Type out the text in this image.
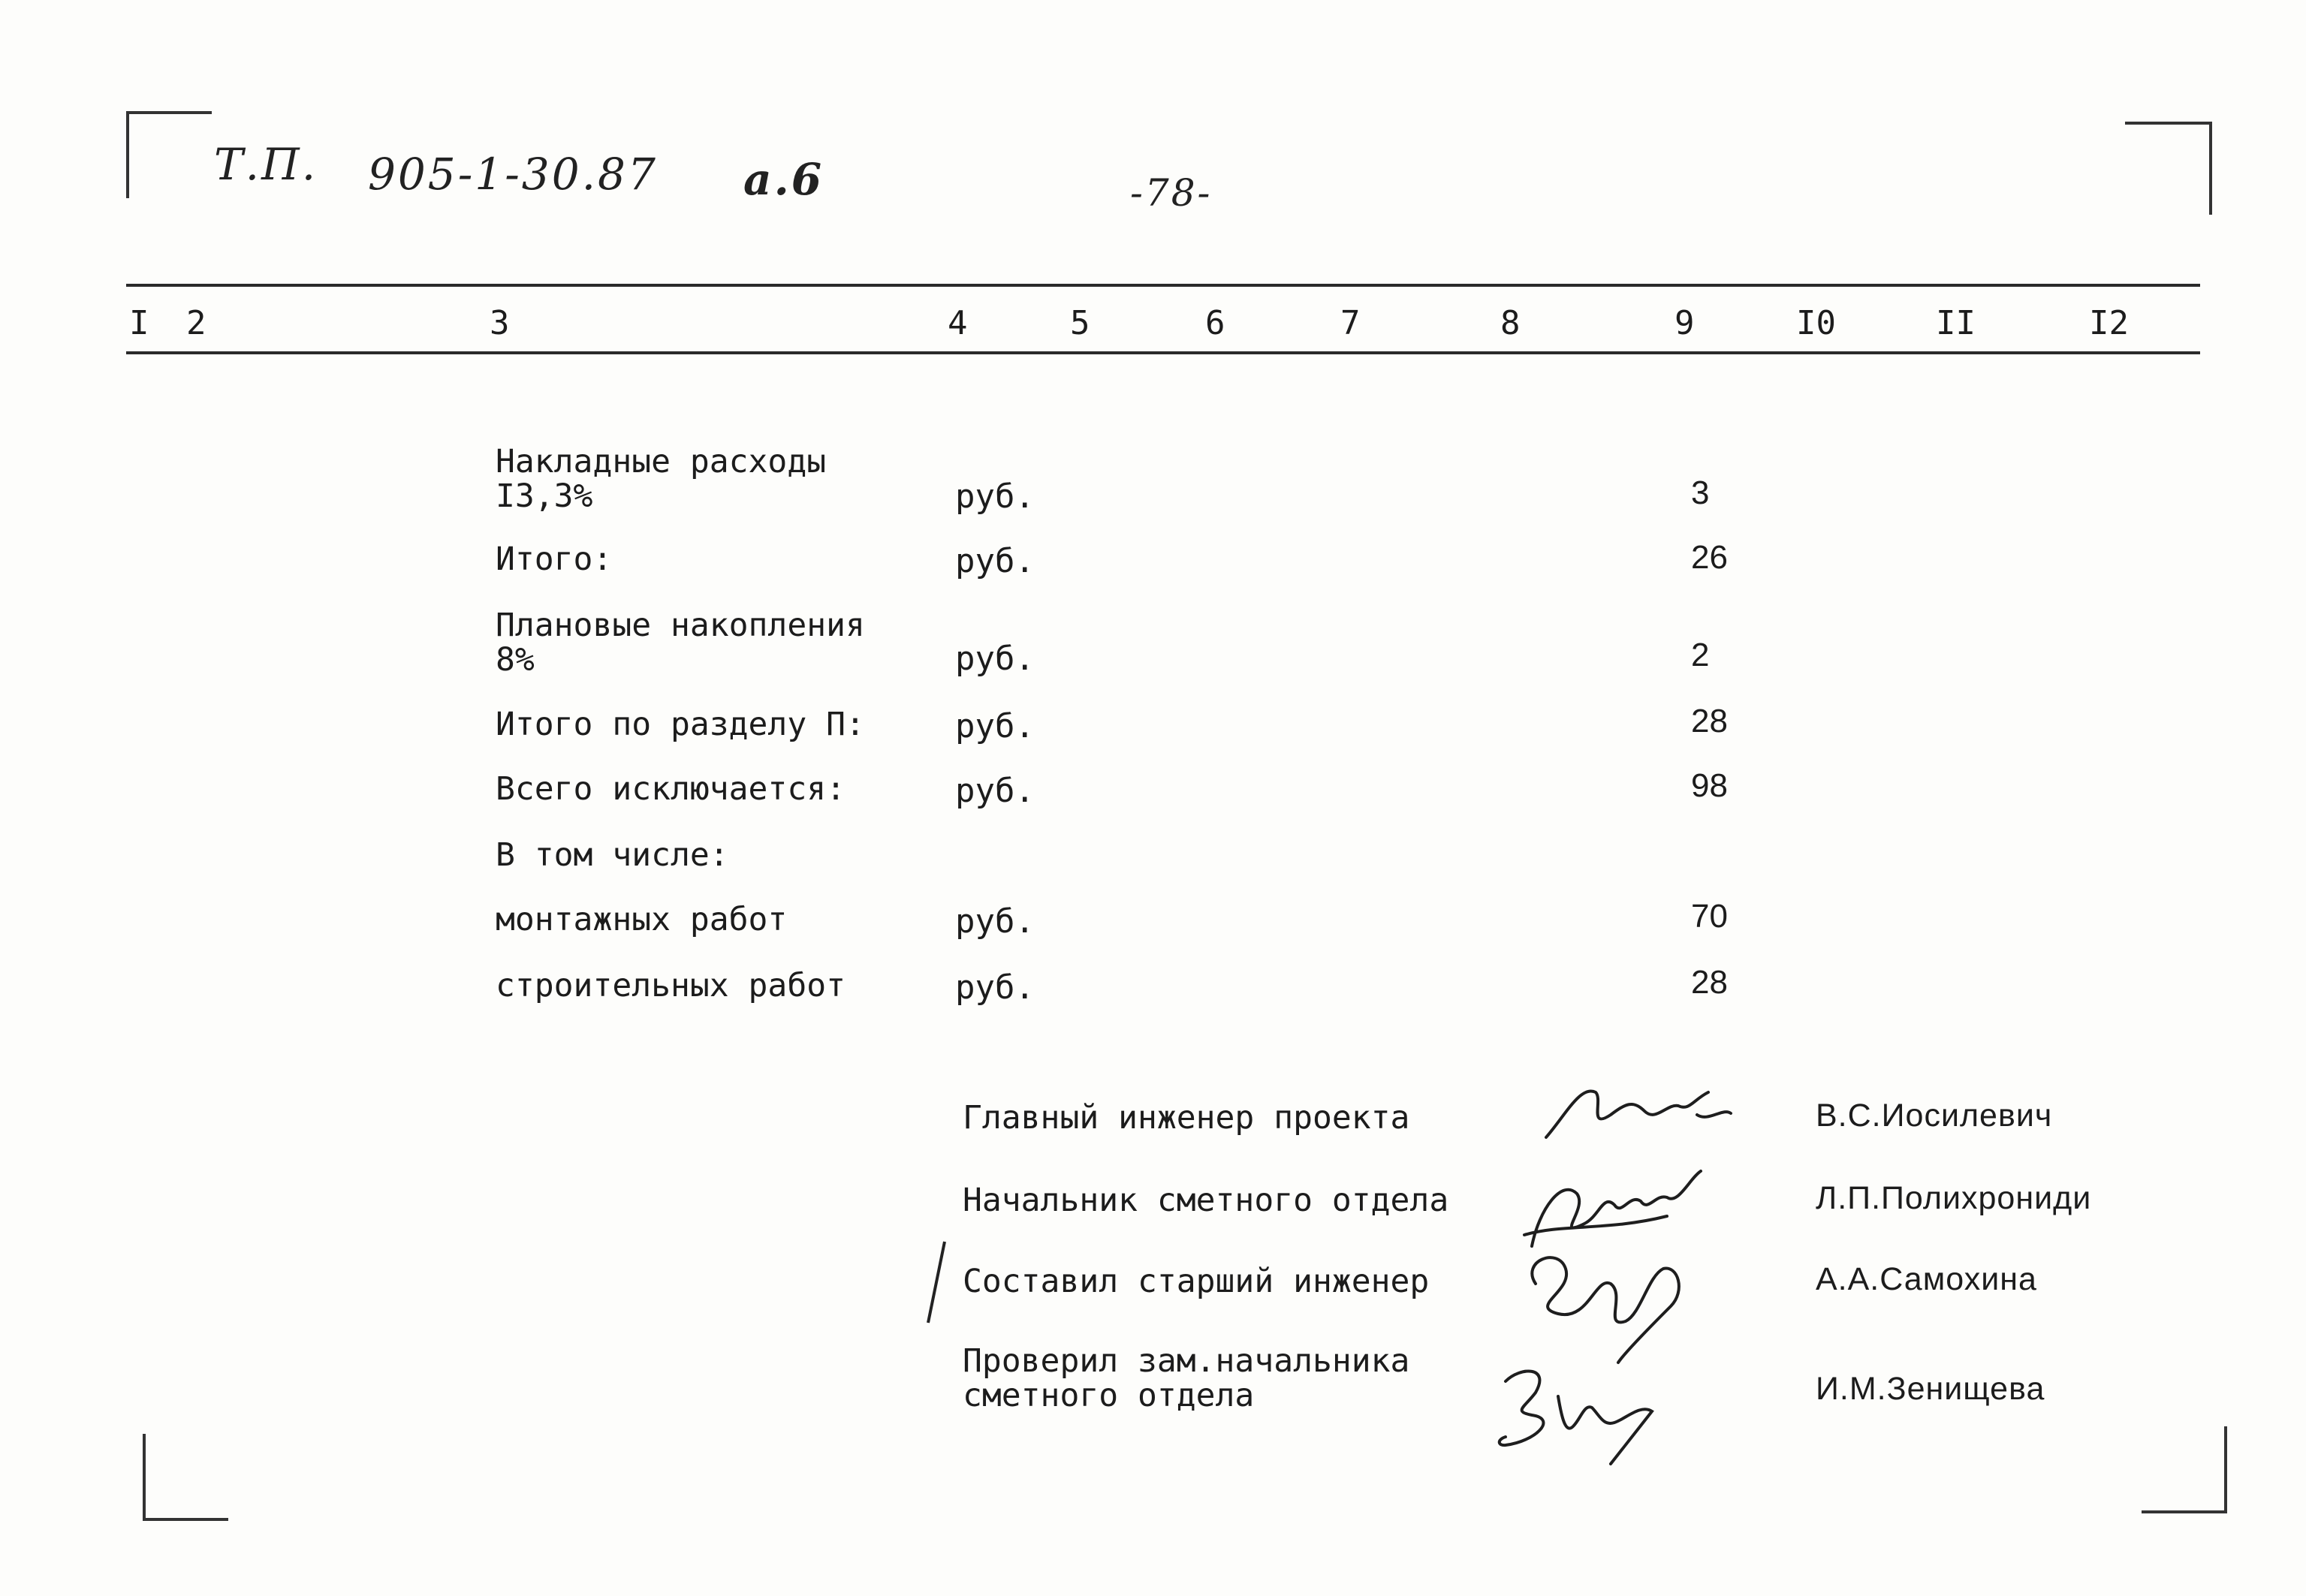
Т.П. 905-1-30.87 а.6	-78-
I 2	3	4	5	6	7	8	9	I0	II	I2
Накладные расходы
I3,3%	руб.	3
Итого:	руб.	26
Плановые накопления
8%	руб.	2
Итого по разделу П:	руб.	28
Всего исключается:	руб.	98
В том числе:
монтажных работ	руб.	70
строительных работ	руб.	28
Главный инженер проекта	В.С.Иосилевич
Начальник сметного отдела	Л.П.Полихрониди
Составил старший инженер	А.А.Самохина
Проверил зам.начальника
сметного отдела	И.М.Зенищева
